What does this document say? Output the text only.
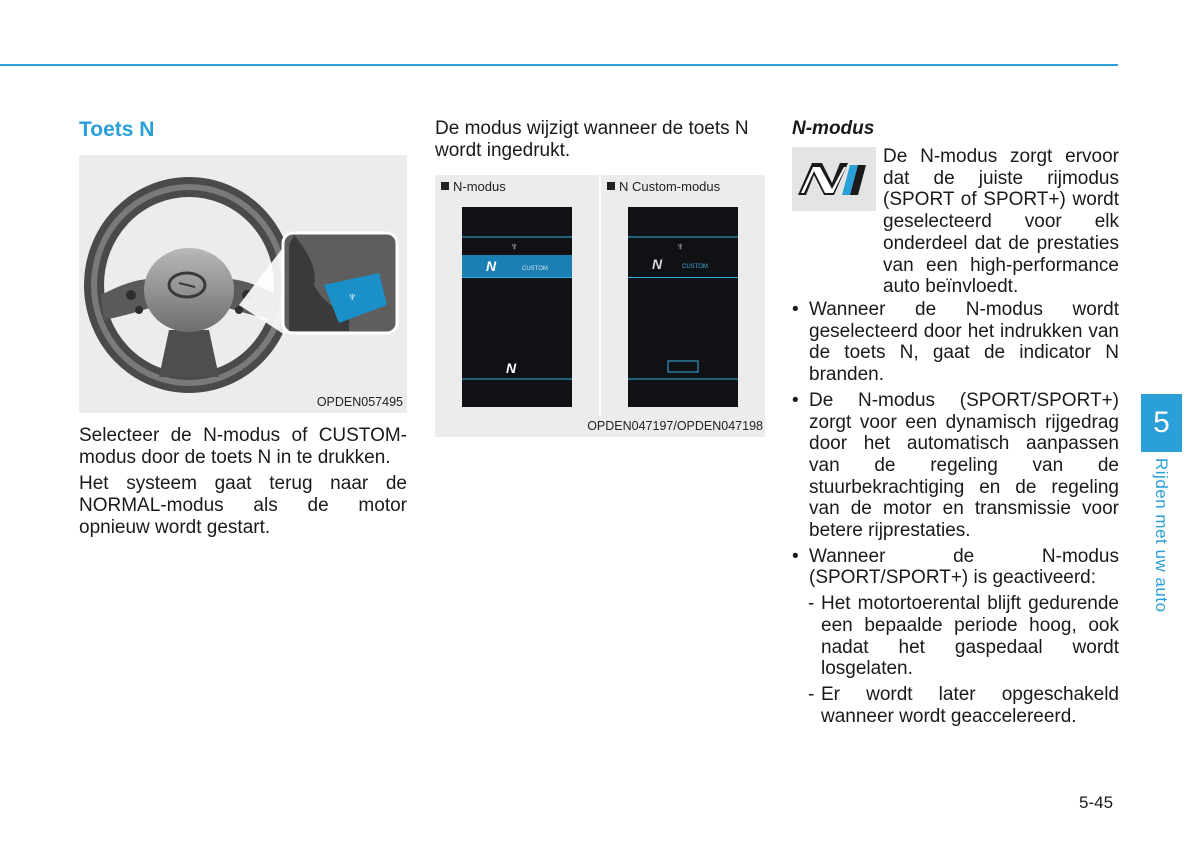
Toets N
♆
OPDEN057495

Selecteer de N-modus of CUSTOM-modus door de toets N in te drukken.

Het systeem gaat terug naar de NORMAL-modus als de motor opnieuw wordt gestart.

De modus wijzigt wanneer de toets N wordt ingedrukt.
N-modus
♆
N	CUSTOM
N
N Custom-modus
♆
N	CUSTOM
OPDEN047197/OPDEN047198
N-modus
De N-modus zorgt ervoor dat de juiste rijmodus (SPORT of SPORT+) wordt geselecteerd voor elk onderdeel dat de prestaties van een high-performance auto beïnvloedt.
• Wanneer de N-modus wordt geselecteerd door het indrukken van de toets N, gaat de indicator N branden.

• De N-modus (SPORT/SPORT+) zorgt voor een dynamisch rijgedrag door het automatisch aanpassen van de regeling van de stuurbekrachtiging en de regeling van de motor en transmissie voor betere rijprestaties.

• Wanneer de N-modus (SPORT/SPORT+) is geactiveerd:

- Het motortoerental blijft gedurende een bepaalde periode hoog, ook nadat het gaspedaal wordt losgelaten.

- Er wordt later opgeschakeld wanneer wordt geaccelereerd.

5
Rijden met uw auto
5-45
